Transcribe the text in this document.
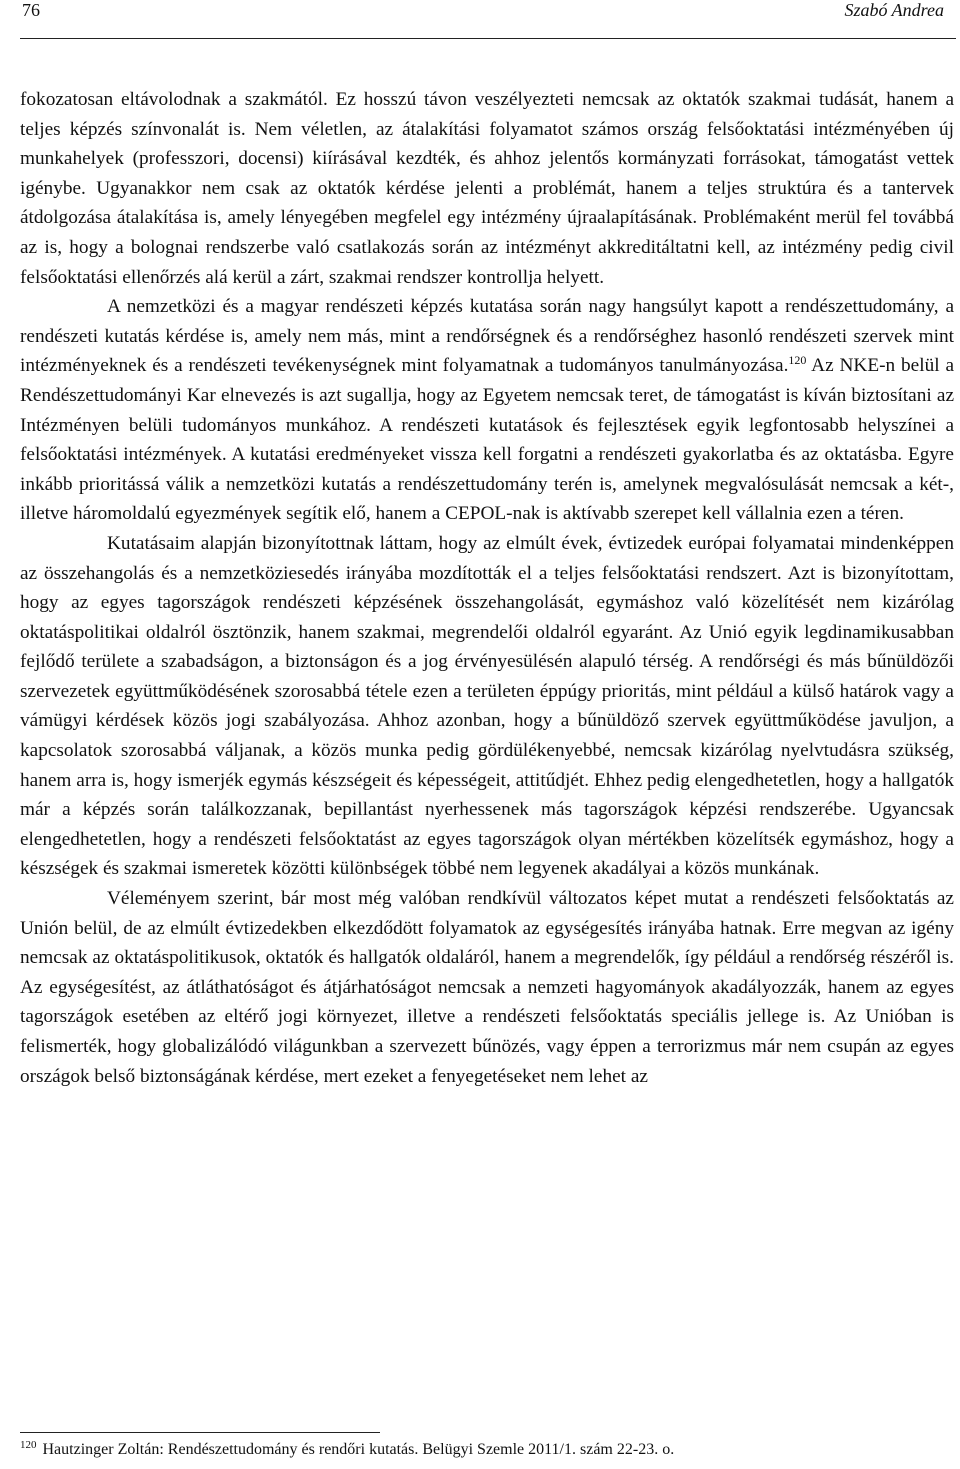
76	Szabó Andrea

fokozatosan eltávolodnak a szakmától. Ez hosszú távon veszélyezteti nemcsak az oktatók szakmai tudását, hanem a teljes képzés színvonalát is. Nem véletlen, az átalakítási folyamatot számos ország felsőoktatási intézményében új munkahelyek (professzori, docensi) kiírásával kezdték, és ahhoz jelentős kormányzati forrásokat, támogatást vettek igénybe. Ugyanakkor nem csak az oktatók kérdése jelenti a problémát, hanem a teljes struktúra és a tantervek átdolgozása átalakítása is, amely lényegében megfelel egy intézmény újraalapításának. Problémaként merül fel továbbá az is, hogy a bolognai rendszerbe való csatlakozás során az intézményt akkreditáltatni kell, az intézmény pedig civil felsőoktatási ellenőrzés alá kerül a zárt, szakmai rendszer kontrollja helyett.

A nemzetközi és a magyar rendészeti képzés kutatása során nagy hangsúlyt kapott a rendészettudomány, a rendészeti kutatás kérdése is, amely nem más, mint a rendőrségnek és a rendőrséghez hasonló rendészeti szervek mint intézményeknek és a rendészeti tevékenységnek mint folyamatnak a tudományos tanulmányozása.$^{120}$ Az NKE-n belül a Rendészettudományi Kar elnevezés is azt sugallja, hogy az Egyetem nemcsak teret, de támogatást is kíván biztosítani az Intézményen belüli tudományos munkához. A rendészeti kutatások és fejlesztések egyik legfontosabb helyszínei a felsőoktatási intézmények. A kutatási eredményeket vissza kell forgatni a rendészeti gyakorlatba és az oktatásba. Egyre inkább prioritássá válik a nemzetközi kutatás a rendészettudomány terén is, amelynek megvalósulását nemcsak a két-, illetve háromoldalú egyezmények segítik elő, hanem a CEPOL-nak is aktívabb szerepet kell vállalnia ezen a téren.

Kutatásaim alapján bizonyítottnak láttam, hogy az elmúlt évek, évtizedek európai folyamatai mindenképpen az összehangolás és a nemzetköziesedés irányába mozdították el a teljes felsőoktatási rendszert. Azt is bizonyítottam, hogy az egyes tagországok rendészeti képzésének összehangolását, egymáshoz való közelítését nem kizárólag oktatáspolitikai oldalról ösztönzik, hanem szakmai, megrendelői oldalról egyaránt. Az Unió egyik legdinamikusabban fejlődő területe a szabadságon, a biztonságon és a jog érvényesülésén alapuló térség. A rendőrségi és más bűnüldözői szervezetek együttműködésének szorosabbá tétele ezen a területen éppúgy prioritás, mint például a külső határok vagy a vámügyi kérdések közös jogi szabályozása. Ahhoz azonban, hogy a bűnüldöző szervek együttműködése javuljon, a kapcsolatok szorosabbá váljanak, a közös munka pedig gördülékenyebbé, nemcsak kizárólag nyelvtudásra szükség, hanem arra is, hogy ismerjék egymás készségeit és képességeit, attitűdjét. Ehhez pedig elengedhetetlen, hogy a hallgatók már a képzés során találkozzanak, bepillantást nyerhessenek más tagországok képzési rendszerébe. Ugyancsak elengedhetetlen, hogy a rendészeti felsőoktatást az egyes tagországok olyan mértékben közelítsék egymáshoz, hogy a készségek és szakmai ismeretek közötti különbségek többé nem legyenek akadályai a közös munkának.

Véleményem szerint, bár most még valóban rendkívül változatos képet mutat a rendészeti felsőoktatás az Unión belül, de az elmúlt évtizedekben elkezdődött folyamatok az egységesítés irányába hatnak. Erre megvan az igény nemcsak az oktatáspolitikusok, oktatók és hallgatók oldaláról, hanem a megrendelők, így például a rendőrség részéről is. Az egységesítést, az átláthatóságot és átjárhatóságot nemcsak a nemzeti hagyományok akadályozzák, hanem az egyes tagországok esetében az eltérő jogi környezet, illetve a rendészeti felsőoktatás speciális jellege is. Az Unióban is felismerték, hogy globalizálódó világunkban a szervezett bűnözés, vagy éppen a terrorizmus már nem csupán az egyes országok belső biztonságának kérdése, mert ezeket a fenyegetéseket nem lehet az

$^{120}$ Hautzinger Zoltán: Rendészettudomány és rendőri kutatás. Belügyi Szemle 2011/1. szám 22-23. o.
